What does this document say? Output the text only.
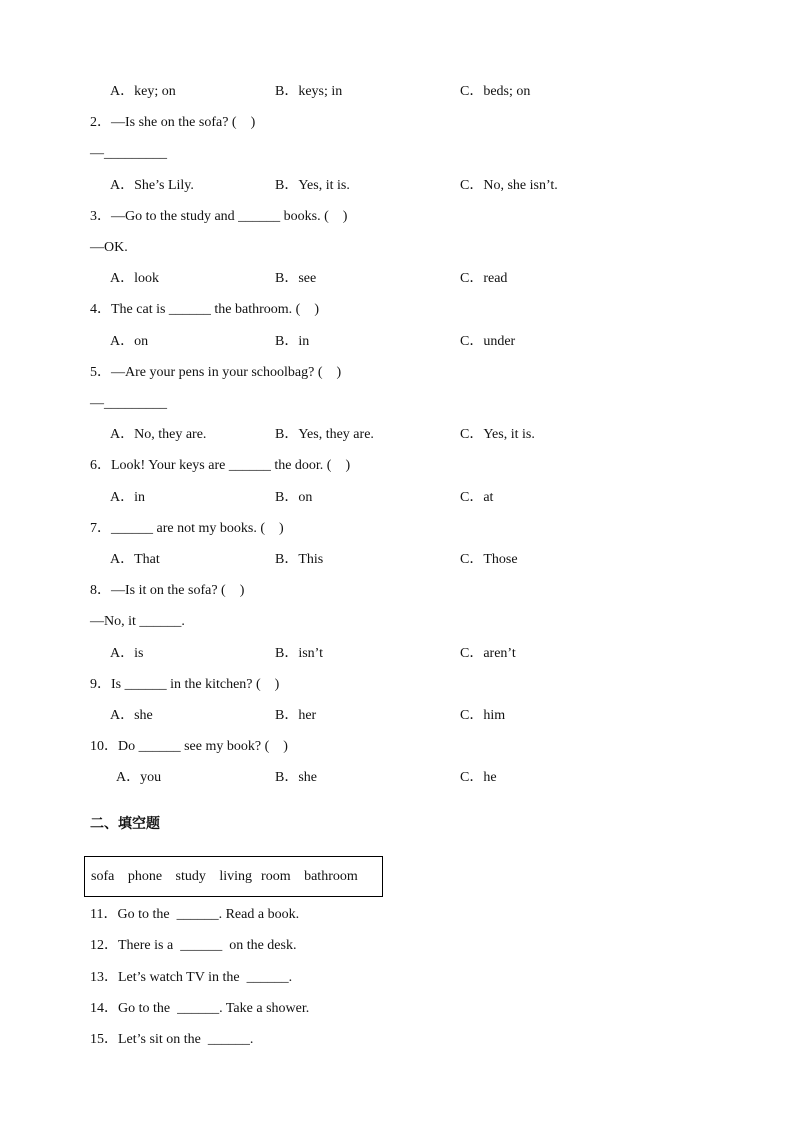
A．key; on

	B．keys; in

	C．beds; on

2．—Is she on the sofa? (    )
—_________

A．She’s Lily.

	B．Yes, it is.

	C．No, she isn’t.

3．—Go to the study and ______ books. (    )
—OK.

A．look

	B．see

	C．read

4．The cat is ______ the bathroom. (    )

A．on

	B．in

	C．under

5．—Are your pens in your schoolbag? (    )
—_________

A．No, they are.

	B．Yes, they are.

	C．Yes, it is.

6．Look! Your keys are ______ the door. (    )

A．in

	B．on

	C．at

7．______ are not my books. (    )

A．That

	B．This

	C．Those

8．—Is it on the sofa? (    )
—No, it ______.

A．is

	B．isn’t

	C．aren’t

9．Is ______ in the kitchen? (    )

A．she

	B．her

	C．him

10．Do ______ see my book? (    )

A．you

	B．she

	C．he

二、填空题
sofa   phone   study   living  room   bathroom
11．Go to the  ______. Read a book.
12．There is a  ______  on the desk.
13．Let’s watch TV in the  ______.
14．Go to the  ______. Take a shower.
15．Let’s sit on the  ______.
